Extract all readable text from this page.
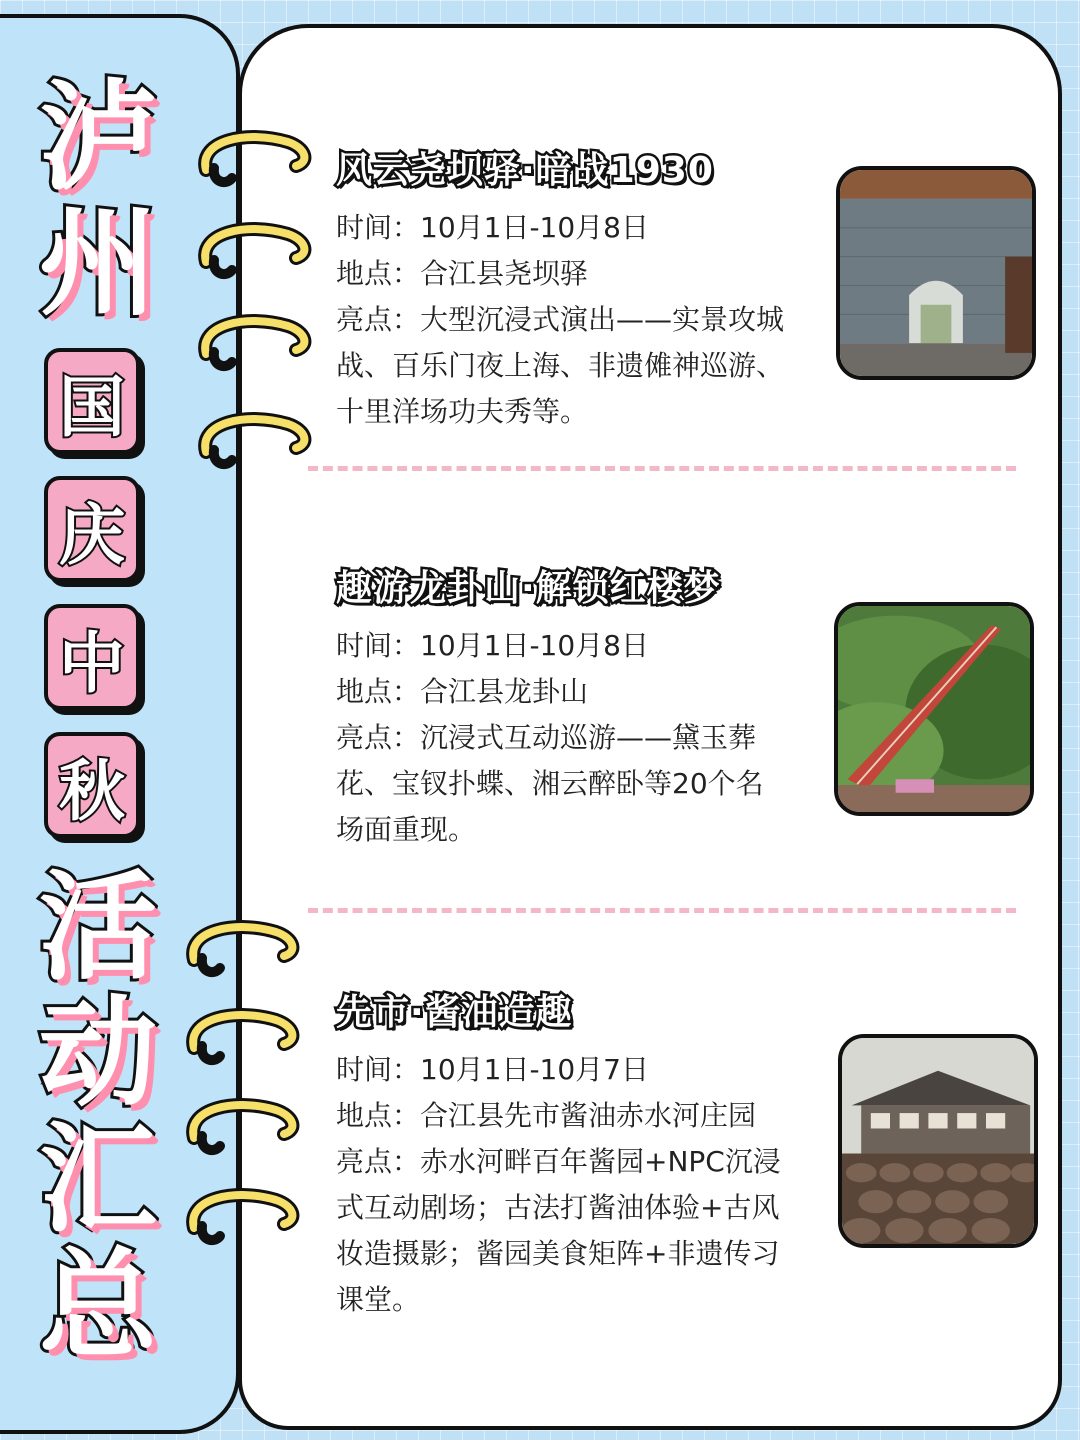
泸
州
国
庆
中
秋
活
动
汇
总
风云尧坝驿·暗战1930
时间：10月1日-10月8日
地点：合江县尧坝驿
亮点：大型沉浸式演出——实景攻城
战、百乐门夜上海、非遗傩神巡游、
十里洋场功夫秀等。
趣游龙卦山·解锁红楼梦
时间：10月1日-10月8日
地点：合江县龙卦山
亮点：沉浸式互动巡游——黛玉葬
花、宝钗扑蝶、湘云醉卧等20个名
场面重现。
先市·酱油造趣
时间：10月1日-10月7日
地点：合江县先市酱油赤水河庄园
亮点：赤水河畔百年酱园+NPC沉浸
式互动剧场；古法打酱油体验+古风
妆造摄影；酱园美食矩阵+非遗传习
课堂。
小红书号：95220723289
